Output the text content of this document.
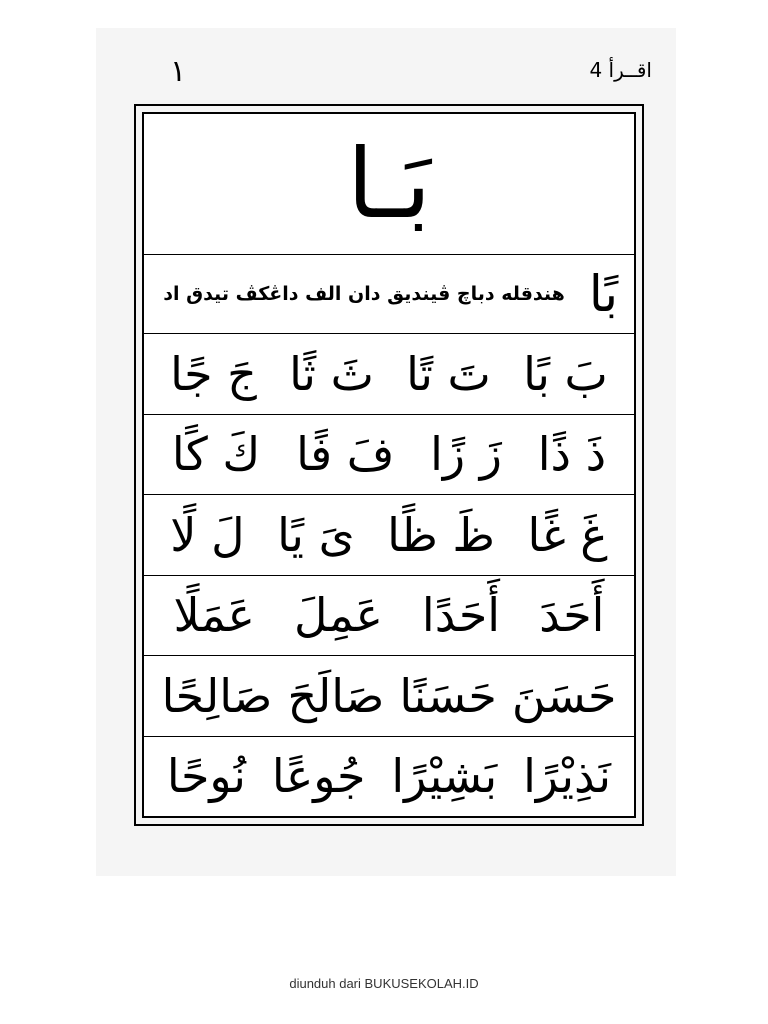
١	اقــرأ 4
بَـا
هندقله دباچ ڤينديق دان الف داڠكڤ تيدق اد بًا
بَ بًا
تَ تًا
ثَ ثًا
جَ جًا
ذَ ذًا
زَ زًا
فَ فًا
ﻙَ كًا
غَ غًا
ظَ ظًا
ىَ يًا
لَ لًا
أَحَدَ
أَحَدًا
عَمِلَ
عَمَلًا
حَسَنَ
حَسَنًا
صَالَحَ
صَالِحًا
نَذِيْرًا
بَشِيْرًا
جُوعًا
نُوحًا
diunduh dari BUKUSEKOLAH.ID
